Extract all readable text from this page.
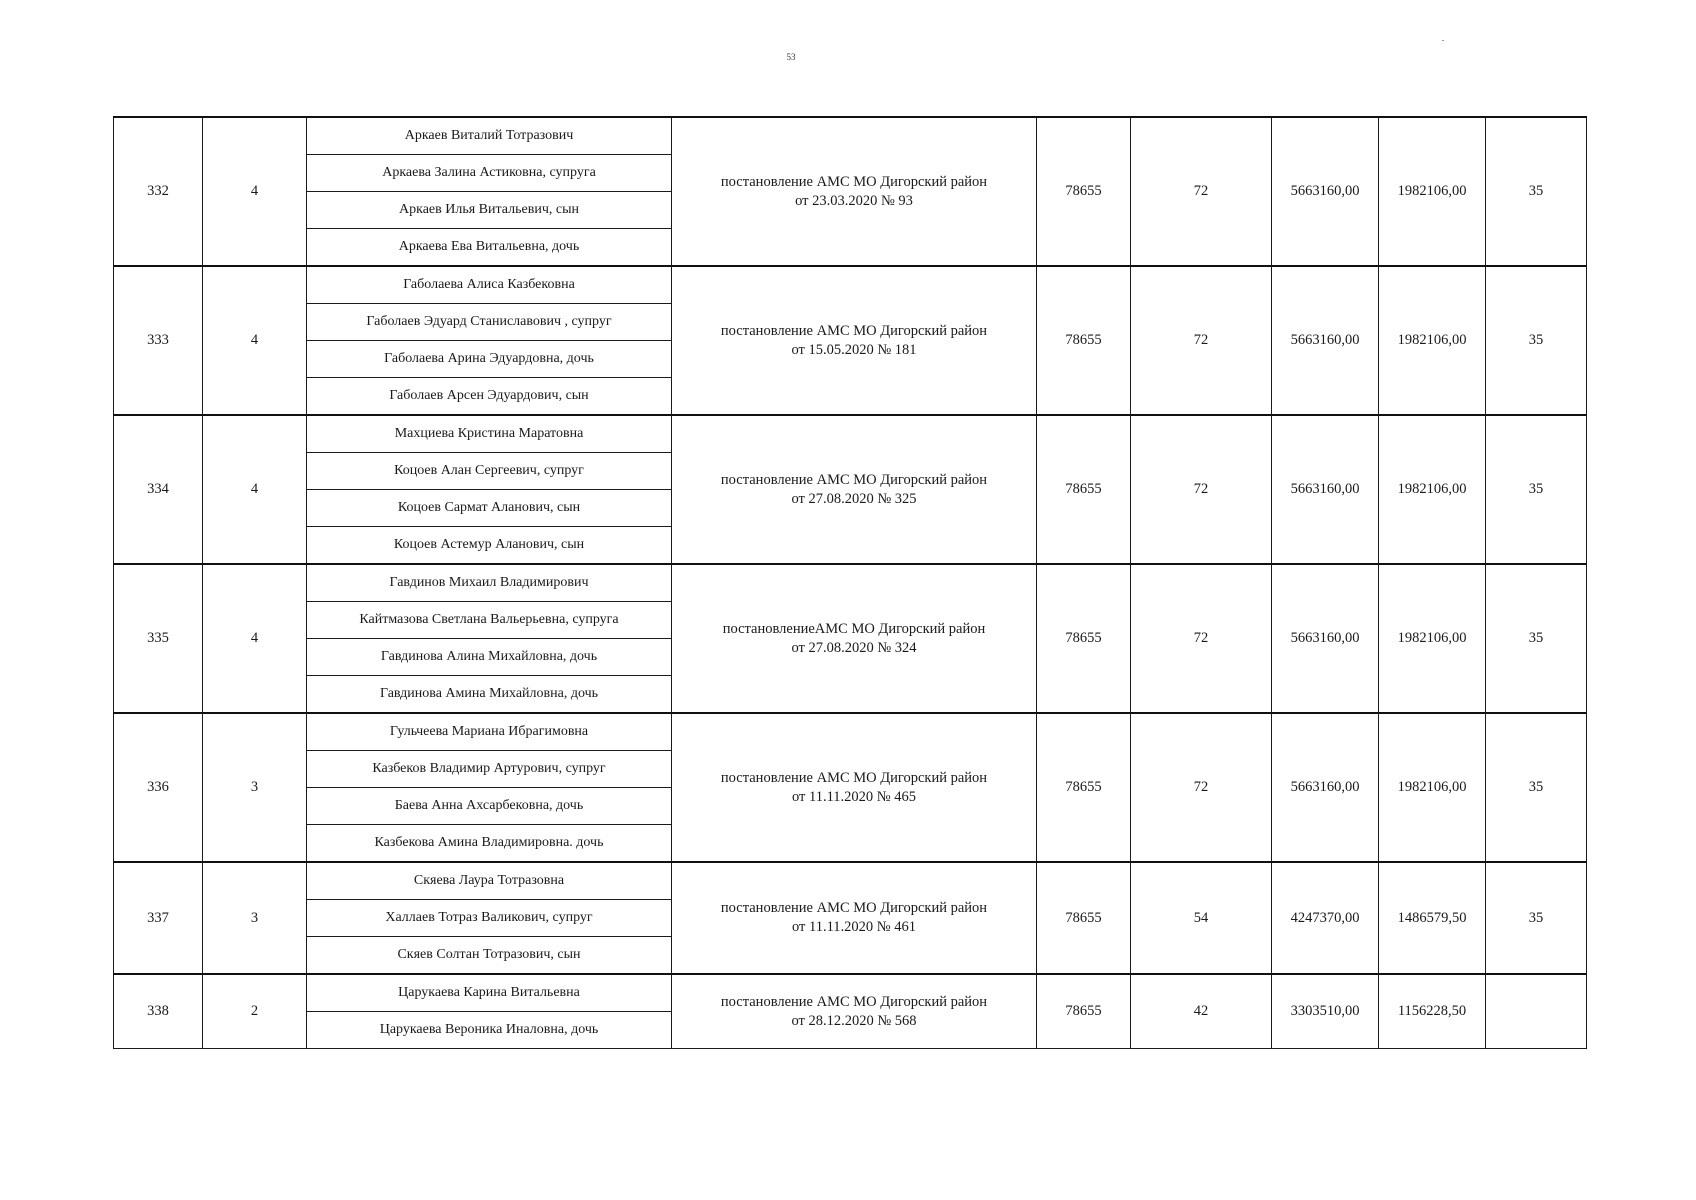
53
332	4	Аркаев Виталий Тотразович	постановление АМС МО Дигорский район
от 23.03.2020 № 93	78655	72	5663160,00	1982106,00	35
		Аркаева Залина Астиковна, супруга						
		Аркаев Илья Витальевич, сын						
		Аркаева Ева Витальевна, дочь						
333	4	Габолаева Алиса Казбековна	постановление АМС МО Дигорский район
от 15.05.2020 № 181	78655	72	5663160,00	1982106,00	35
		Габолаев Эдуард Станиславович , супруг						
		Габолаева Арина Эдуардовна, дочь						
		Габолаев Арсен Эдуардович, сын						
334	4	Махциева Кристина Маратовна	постановление АМС МО Дигорский район
от 27.08.2020 № 325	78655	72	5663160,00	1982106,00	35
		Коцоев Алан Сергеевич, супруг						
		Коцоев Сармат Аланович, сын						
		Коцоев Астемур Аланович, сын						
335	4	Гавдинов Михаил Владимирович	постановлениеАМС МО Дигорский район
от 27.08.2020 № 324	78655	72	5663160,00	1982106,00	35
		Кайтмазова Светлана Вальерьевна, супруга						
		Гавдинова Алина Михайловна, дочь						
		Гавдинова Амина Михайловна, дочь						
336	3	Гульчеева Мариана Ибрагимовна	постановление АМС МО Дигорский район
от 11.11.2020 № 465	78655	72	5663160,00	1982106,00	35
		Казбеков Владимир Артурович, супруг						
		Баева Анна Ахсарбековна, дочь						
		Казбекова Амина Владимировна. дочь						
337	3	Скяева Лаура Тотразовна	постановление АМС МО Дигорский район
от 11.11.2020 № 461	78655	54	4247370,00	1486579,50	35
		Халлаев Тотраз Валикович, супруг						
		Скяев Солтан Тотразович, сын						
338	2	Царукаева Карина Витальевна	постановление АМС МО Дигорский район
от 28.12.2020 № 568	78655	42	3303510,00	1156228,50	
		Царукаева Вероника Иналовна, дочь						
